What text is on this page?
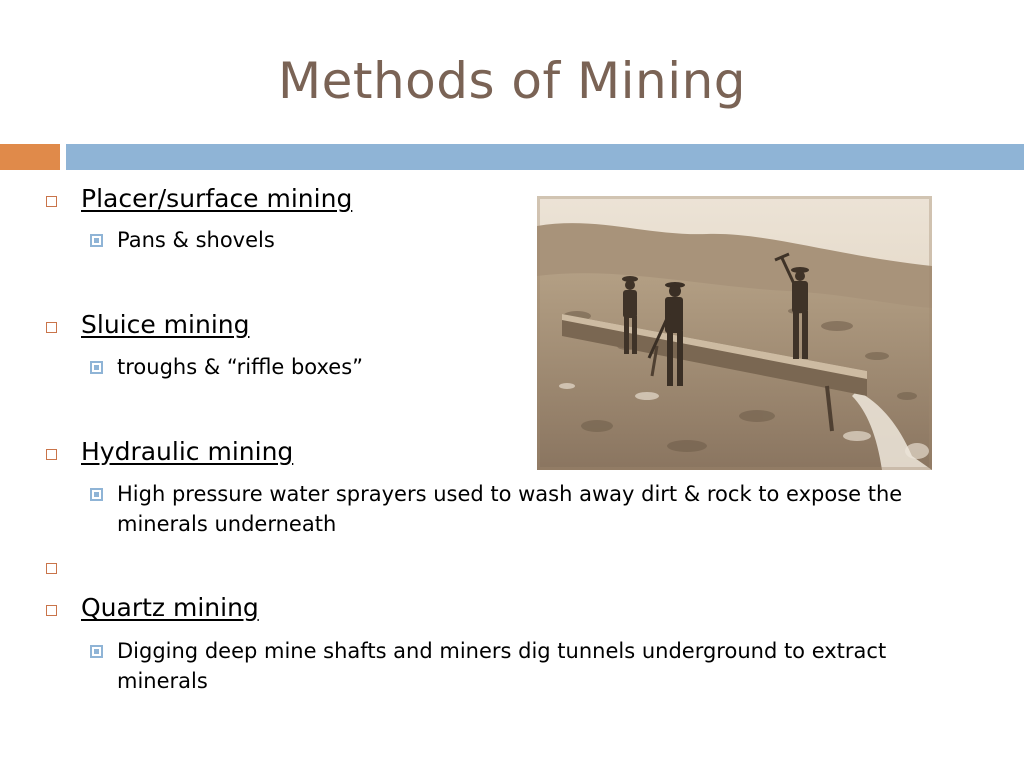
Methods of Mining
Placer/surface mining
Pans & shovels
Sluice mining
troughs & “riffle boxes”
Hydraulic mining
High pressure water sprayers used to wash away dirt & rock to expose the minerals underneath
Quartz mining
Digging deep mine shafts and miners dig tunnels underground to extract minerals
